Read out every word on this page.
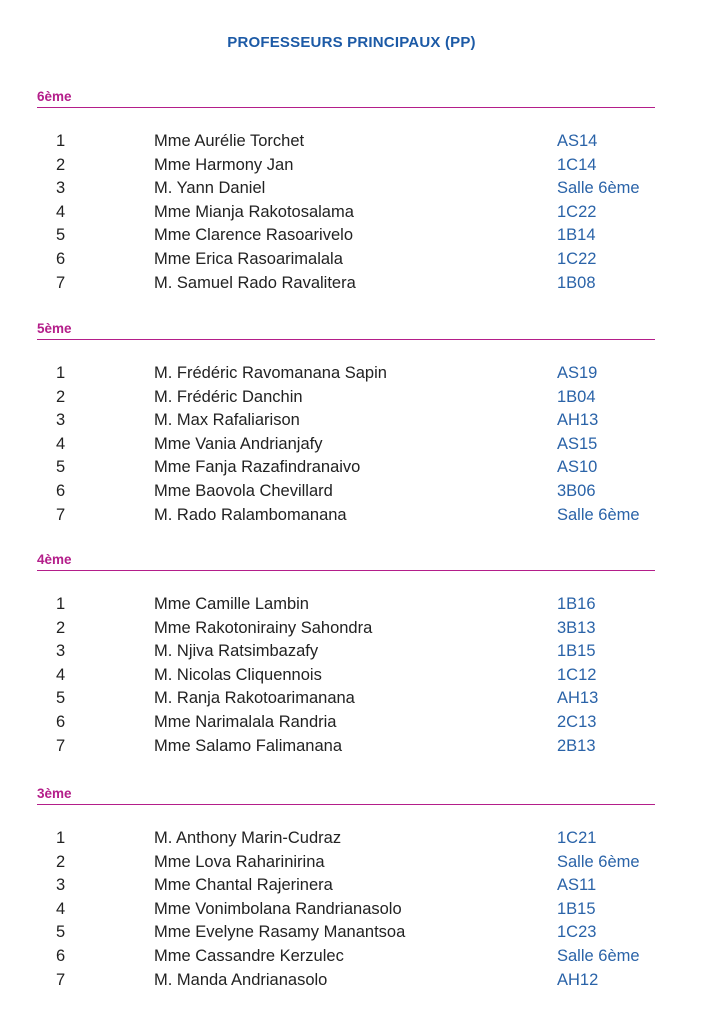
PROFESSEURS PRINCIPAUX (PP)
6ème
1	Mme Aurélie Torchet	AS14
2	Mme Harmony Jan	1C14
3	M. Yann Daniel	Salle 6ème
4	Mme Mianja Rakotosalama	1C22
5	Mme Clarence Rasoarivelo	1B14
6	Mme Erica Rasoarimalala	1C22
7	M. Samuel Rado Ravalitera	1B08
5ème
1	M. Frédéric Ravomanana Sapin	AS19
2	M. Frédéric Danchin	1B04
3	M. Max Rafaliarison	AH13
4	Mme Vania Andrianjafy	AS15
5	Mme Fanja Razafindranaivo	AS10
6	Mme Baovola Chevillard	3B06
7	M. Rado Ralambomanana	Salle 6ème
4ème
1	Mme Camille Lambin	1B16
2	Mme Rakotonirainy Sahondra	3B13
3	M. Njiva Ratsimbazafy	1B15
4	M. Nicolas Cliquennois	1C12
5	M. Ranja Rakotoarimanana	AH13
6	Mme Narimalala Randria	2C13
7	Mme Salamo Falimanana	2B13
3ème
1	M. Anthony Marin-Cudraz	1C21
2	Mme Lova Raharinirina	Salle 6ème
3	Mme Chantal Rajerinera	AS11
4	Mme Vonimbolana Randrianasolo	1B15
5	Mme Evelyne Rasamy Manantsoa	1C23
6	Mme Cassandre Kerzulec	Salle 6ème
7	M. Manda Andrianasolo	AH12
